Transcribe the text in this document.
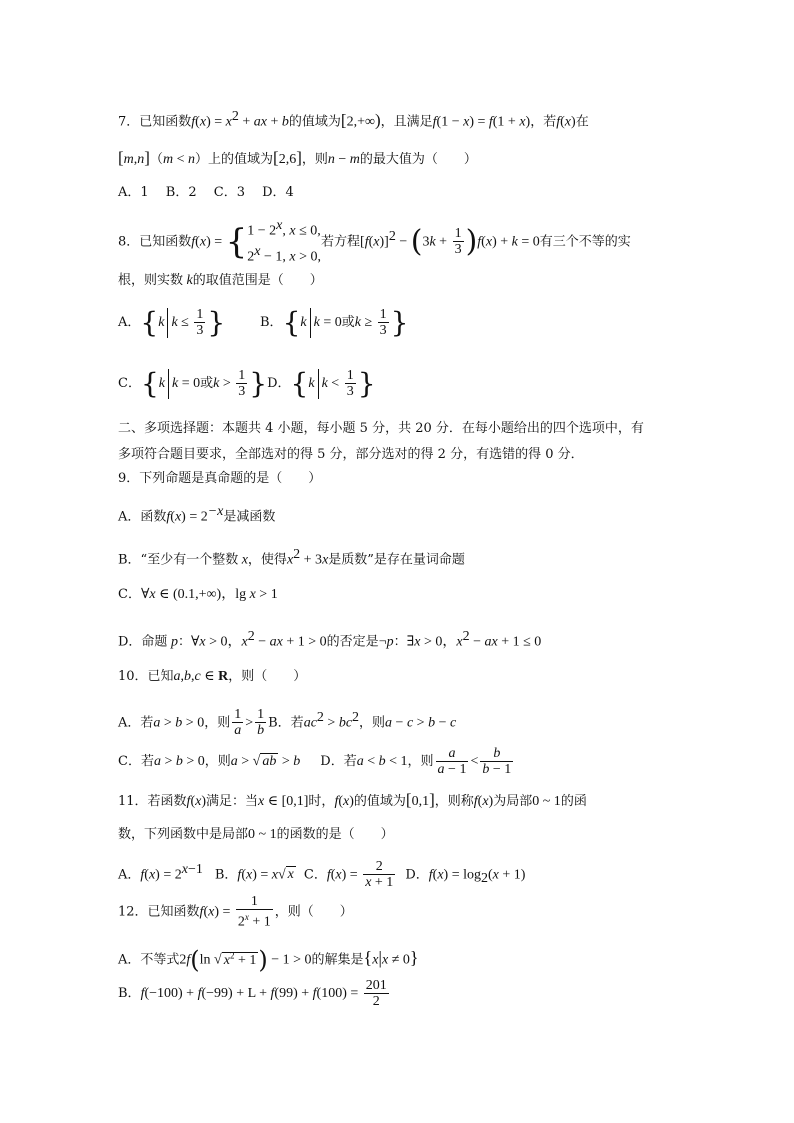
7．已知函数$f(x) = x^2$ + ax + b的值域为[2,+∞)，且满足f(1 − x) = f(1 + x)，若f(x)在
[m,n]（m < n）上的值域为[2,6]，则n − m的最大值为（　　）
A．1　 B．2　 C．3　 D．4
8．已知函数$f(x) = \{1 - 2^x$, x ≤ 0,
$2^x - 1$, x > 0,若方程$[f(x)]^2 - (3k + \frac{1}{3} )f(x) + k = 0$有三个不等的实
根，则实数 k的取值范围是（　　）
A．{k $k \le \frac{1}{3}$ }	B．{k k = 0或$k \ge \frac{1}{3}$ }
C．{k k = 0或$k > \frac{1}{3} \}D$．{k $k < \frac{1}{3}$ }
二、多项选择题：本题共 4 小题，每小题 5 分，共 20 分．在每小题给出的四个选项中，有
多项符合题目要求，全部选对的得 5 分，部分选对的得 2 分，有选错的得 0 分．
9．下列命题是真命题的是（　　）
A．函数$f(x) = 2^{-x}$是减函数
B．“至少有一个整数 x，使得$x^2 + 3x$是质数”是存在量词命题
C．∀x ∈ (0.1,+∞)，lg x > 1
D．命题 p：∀x > 0，$x^2$ − ax + 1 > 0的否定是¬p：∃x > 0，$x^2$ − ax + 1 ≤ 0
10．已知a,b,c ∈ R，则（　　）
A．若a > b > 0，则 $\frac{1}{a} > \frac{1}{b}$ B．若$ac^2 > bc^2$，则a − c > b − c
C．若a > b > 0，则a > √ ab > b D．若a < b < 1，则 $\frac{a}{a - 1} < \frac{b}{b - 1}$
11．若函数f(x)满足：当x ∈ [0,1]时，f(x)的值域为[0,1]，则称f(x)为局部0 ~ 1的函
数，下列函数中是局部0 ~ 1的函数的是（　　）
A．$f(x) = 2^{x-1}$ B．f(x) = x√ x C．$f(x) = \frac{2}{x + 1}$ D．$f(x) = \log_2(x + 1)$
12．已知函数$f(x) = \frac{1}{2^x + 1}$ ，则（　　）
A．不等式2f(ln √ $x^2 + 1) - 1 > 0$的解集是{x|x ≠ 0}
B．$f(-100) + f(-99) + L + f(99) + f(100) = \frac{201}{2}$
